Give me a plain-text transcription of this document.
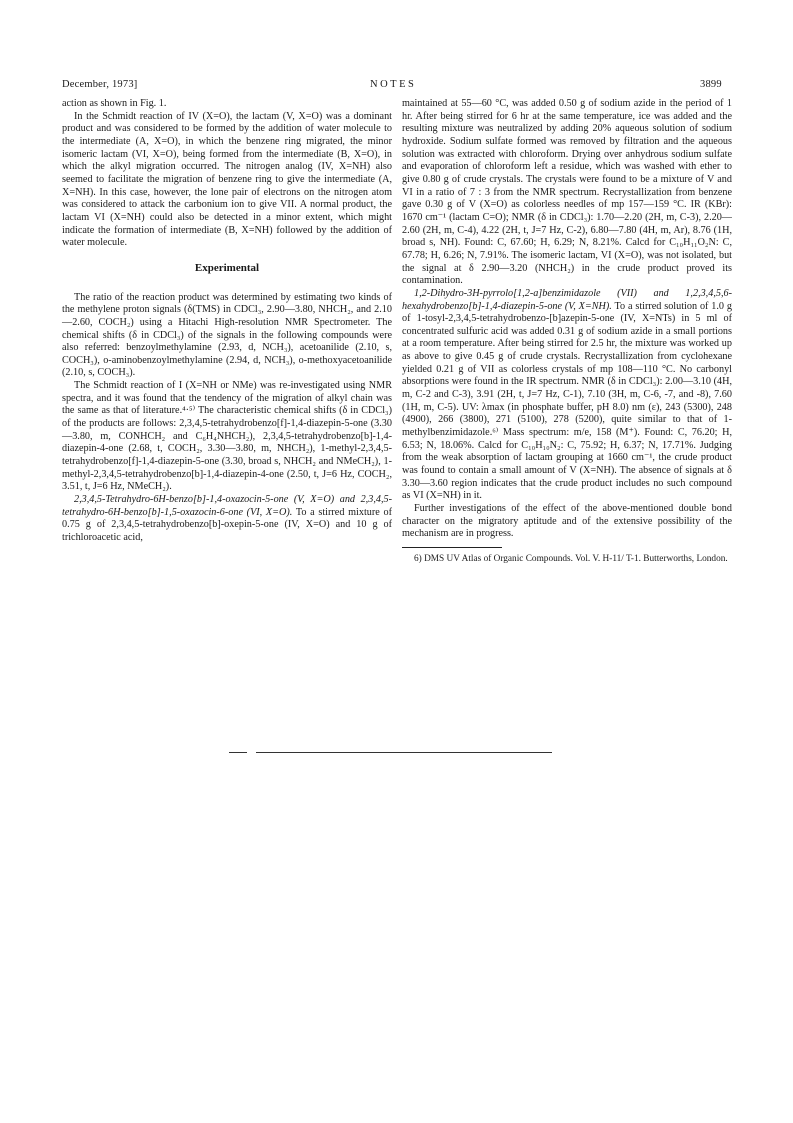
December, 1973]	NOTES	3899

action as shown in Fig. 1.

In the Schmidt reaction of IV (X=O), the lactam (V, X=O) was a dominant product and was considered to be formed by the addition of water molecule to the intermediate (A, X=O), in which the benzene ring migrated, the minor isomeric lactam (VI, X=O), being formed from the intermediate (B, X=O), in which the alkyl migration occurred. The nitrogen analog (IV, X=NH) also seemed to facilitate the migration of benzene ring to give the intermediate (A, X=NH). In this case, however, the lone pair of electrons on the nitrogen atom was considered to attack the carbonium ion to give VII. A normal product, the lactam VI (X=NH) could also be detected in a minor extent, which might indicate the formation of intermediate (B, X=NH) followed by the addition of water molecule.

Experimental

The ratio of the reaction product was determined by estimating two kinds of the methylene proton signals (δ(TMS) in CDCl₃, 2.90—3.80, NHCH₂, and 2.10—2.60, COCH₂) using a Hitachi High-resolution NMR Spectrometer. The chemical shifts (δ in CDCl₃) of the signals in the following compounds were also referred: benzoylmethylamine (2.93, d, NCH₃), acetoanilide (2.10, s, COCH₃), o-aminobenzoylmethylamine (2.94, d, NCH₃), o-methoxyacetoanilide (2.10, s, COCH₃).

The Schmidt reaction of I (X=NH or NMe) was re-investigated using NMR spectra, and it was found that the tendency of the migration of alkyl chain was the same as that of literature.⁴·⁵⁾ The characteristic chemical shifts (δ in CDCl₃) of the products are follows: 2,3,4,5-tetrahydrobenzo[f]-1,4-diazepin-5-one (3.30—3.80, m, CONHCH₂ and C₆H₄NHCH₂), 2,3,4,5-tetrahydrobenzo[b]-1,4-diazepin-4-one (2.68, t, COCH₂, 3.30—3.80, m, NHCH₂), 1-methyl-2,3,4,5-tetrahydrobenzo[f]-1,4-diazepin-5-one (3.30, broad s, NHCH₂ and NMeCH₂), 1-methyl-2,3,4,5-tetrahydrobenzo[b]-1,4-diazepin-4-one (2.50, t, J=6 Hz, COCH₂, 3.51, t, J=6 Hz, NMeCH₂).

2,3,4,5-Tetrahydro-6H-benzo[b]-1,4-oxazocin-5-one (V, X=O) and 2,3,4,5-tetrahydro-6H-benzo[b]-1,5-oxazocin-6-one (VI, X=O). To a stirred mixture of 0.75 g of 2,3,4,5-tetrahydrobenzo[b]-oxepin-5-one (IV, X=O) and 10 g of trichloroacetic acid,

maintained at 55—60 °C, was added 0.50 g of sodium azide in the period of 1 hr. After being stirred for 6 hr at the same temperature, ice was added and the resulting mixture was neutralized by adding 20% aqueous solution of sodium hydroxide. Sodium sulfate formed was removed by filtration and the aqueous solution was extracted with chloroform. Drying over anhydrous sodium sulfate and evaporation of chloroform left a residue, which was washed with ether to give 0.80 g of crude crystals. The crystals were found to be a mixture of V and VI in a ratio of 7 : 3 from the NMR spectrum. Recrystallization from benzene gave 0.30 g of V (X=O) as colorless needles of mp 157—159 °C. IR (KBr): 1670 cm⁻¹ (lactam C=O); NMR (δ in CDCl₃): 1.70—2.20 (2H, m, C-3), 2.20—2.60 (2H, m, C-4), 4.22 (2H, t, J=7 Hz, C-2), 6.80—7.80 (4H, m, Ar), 8.76 (1H, broad s, NH). Found: C, 67.60; H, 6.29; N, 8.21%. Calcd for C₁₀H₁₁O₂N: C, 67.78; H, 6.26; N, 7.91%. The isomeric lactam, VI (X=O), was not isolated, but the signal at δ 2.90—3.20 (NHCH₂) in the crude product proved its contamination.

1,2-Dihydro-3H-pyrrolo[1,2-a]benzimidazole (VII) and 1,2,3,4,5,6-hexahydrobenzo[b]-1,4-diazepin-5-one (V, X=NH). To a stirred solution of 1.0 g of 1-tosyl-2,3,4,5-tetrahydrobenzo-[b]azepin-5-one (IV, X=NTs) in 5 ml of concentrated sulfuric acid was added 0.31 g of sodium azide in a small portions at a room temperature. After being stirred for 2.5 hr, the mixture was worked up as above to give 0.45 g of crude crystals. Recrystallization from cyclohexane yielded 0.21 g of VII as colorless crystals of mp 108—110 °C. No carbonyl absorptions were found in the IR spectrum. NMR (δ in CDCl₃): 2.00—3.10 (4H, m, C-2 and C-3), 3.91 (2H, t, J=7 Hz, C-1), 7.10 (3H, m, C-6, -7, and -8), 7.60 (1H, m, C-5). UV: λmax (in phosphate buffer, pH 8.0) nm (ε), 243 (5300), 248 (4900), 266 (3800), 271 (5100), 278 (5200), quite similar to that of 1-methylbenzimidazole.⁶⁾ Mass spectrum: m/e, 158 (M⁺). Found: C, 76.20; H, 6.53; N, 18.06%. Calcd for C₁₀H₁₀N₂: C, 75.92; H, 6.37; N, 17.71%. Judging from the weak absorption of lactam grouping at 1660 cm⁻¹, the crude product was found to contain a small amount of V (X=NH). The absence of signals at δ 3.30—3.60 region indicates that the crude product includes no such compound as VI (X=NH) in it.

Further investigations of the effect of the above-mentioned double bond character on the migratory aptitude and of the extensive possibility of the mechanism are in progress.

6) DMS UV Atlas of Organic Compounds. Vol. V. H-11/ T-1. Butterworths, London.
